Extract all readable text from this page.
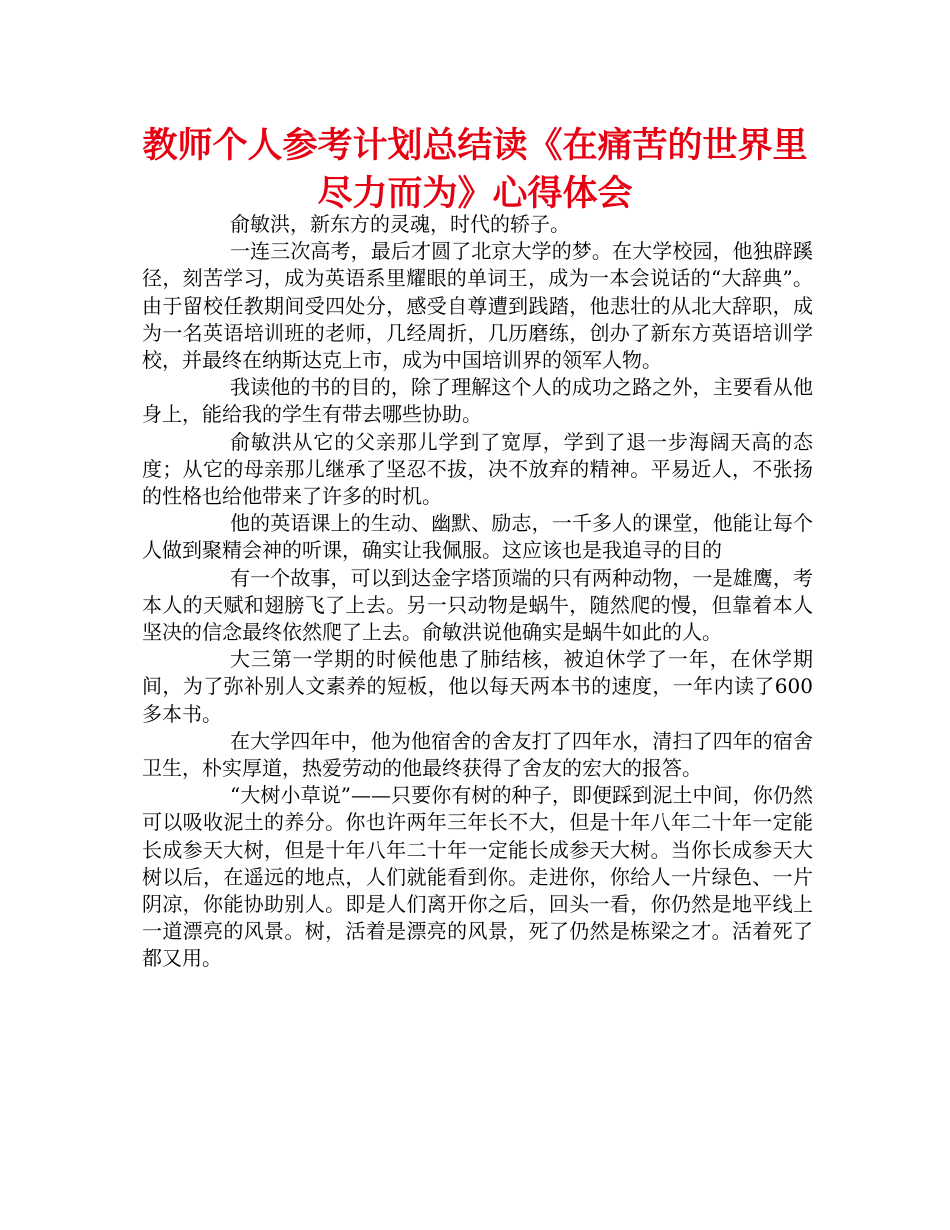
教师个人参考计划总结读《在痛苦的世界里尽力而为》心得体会

俞敏洪，新东方的灵魂，时代的轿子。

一连三次高考，最后才圆了北京大学的梦。在大学校园，他独辟蹊径，刻苦学习，成为英语系里耀眼的单词王，成为一本会说话的“大辞典”。由于留校任教期间受四处分，感受自尊遭到践踏，他悲壮的从北大辞职，成为一名英语培训班的老师，几经周折，几历磨练，创办了新东方英语培训学校，并最终在纳斯达克上市，成为中国培训界的领军人物。

我读他的书的目的，除了理解这个人的成功之路之外，主要看从他身上，能给我的学生有带去哪些协助。

俞敏洪从它的父亲那儿学到了宽厚，学到了退一步海阔天高的态度；从它的母亲那儿继承了坚忍不拔，决不放弃的精神。平易近人，不张扬的性格也给他带来了许多的时机。

他的英语课上的生动、幽默、励志，一千多人的课堂，他能让每个人做到聚精会神的听课，确实让我佩服。这应该也是我追寻的目的

有一个故事，可以到达金字塔顶端的只有两种动物，一是雄鹰，考本人的天赋和翅膀飞了上去。另一只动物是蜗牛，随然爬的慢，但靠着本人坚决的信念最终依然爬了上去。俞敏洪说他确实是蜗牛如此的人。

大三第一学期的时候他患了肺结核，被迫休学了一年，在休学期间，为了弥补别人文素养的短板，他以每天两本书的速度，一年内读了600多本书。

在大学四年中，他为他宿舍的舍友打了四年水，清扫了四年的宿舍卫生，朴实厚道，热爱劳动的他最终获得了舍友的宏大的报答。

“大树小草说”——只要你有树的种子，即便踩到泥土中间，你仍然可以吸收泥土的养分。你也许两年三年长不大，但是十年八年二十年一定能长成参天大树，但是十年八年二十年一定能长成参天大树。当你长成参天大树以后，在遥远的地点，人们就能看到你。走进你，你给人一片绿色、一片阴凉，你能协助别人。即是人们离开你之后，回头一看，你仍然是地平线上一道漂亮的风景。树，活着是漂亮的风景，死了仍然是栋梁之才。活着死了都又用。
